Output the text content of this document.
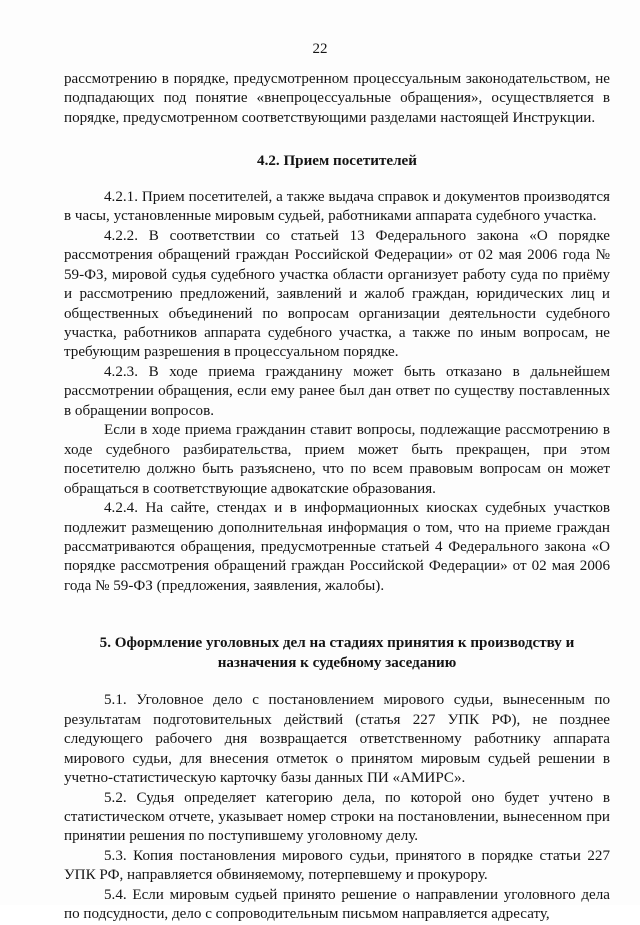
22

рассмотрению в порядке, предусмотренном процессуальным законодательством, не подпадающих под понятие «внепроцессуальные обращения», осуществляется в порядке, предусмотренном соответствующими разделами настоящей Инструкции.

4.2. Прием посетителей

4.2.1. Прием посетителей, а также выдача справок и документов производятся в часы, установленные мировым судьей, работниками аппарата судебного участка.

4.2.2. В соответствии со статьей 13 Федерального закона «О порядке рассмотрения обращений граждан Российской Федерации» от 02 мая 2006 года № 59-ФЗ, мировой судья судебного участка области организует работу суда по приёму и рассмотрению предложений, заявлений и жалоб граждан, юридических лиц и общественных объединений по вопросам организации деятельности судебного участка, работников аппарата судебного участка, а также по иным вопросам, не требующим разрешения в процессуальном порядке.

4.2.3. В ходе приема гражданину может быть отказано в дальнейшем рассмотрении обращения, если ему ранее был дан ответ по существу поставленных в обращении вопросов.

Если в ходе приема гражданин ставит вопросы, подлежащие рассмотрению в ходе судебного разбирательства, прием может быть прекращен, при этом посетителю должно быть разъяснено, что по всем правовым вопросам он может обращаться в соответствующие адвокатские образования.

4.2.4. На сайте, стендах и в информационных киосках судебных участков подлежит размещению дополнительная информация о том, что на приеме граждан рассматриваются обращения, предусмотренные статьей 4 Федерального закона «О порядке рассмотрения обращений граждан Российской Федерации» от 02 мая 2006 года № 59-ФЗ (предложения, заявления, жалобы).

5. Оформление уголовных дел на стадиях принятия к производству и
назначения к судебному заседанию

5.1. Уголовное дело с постановлением мирового судьи, вынесенным по результатам подготовительных действий (статья 227 УПК РФ), не позднее следующего рабочего дня возвращается ответственному работнику аппарата мирового судьи, для внесения отметок о принятом мировым судьей решении в учетно-статистическую карточку базы данных ПИ «АМИРС».

5.2. Судья определяет категорию дела, по которой оно будет учтено в статистическом отчете, указывает номер строки на постановлении, вынесенном при принятии решения по поступившему уголовному делу.

5.3. Копия постановления мирового судьи, принятого в порядке статьи 227 УПК РФ, направляется обвиняемому, потерпевшему и прокурору.

5.4. Если мировым судьей принято решение о направлении уголовного дела по подсудности, дело с сопроводительным письмом направляется адресату,
